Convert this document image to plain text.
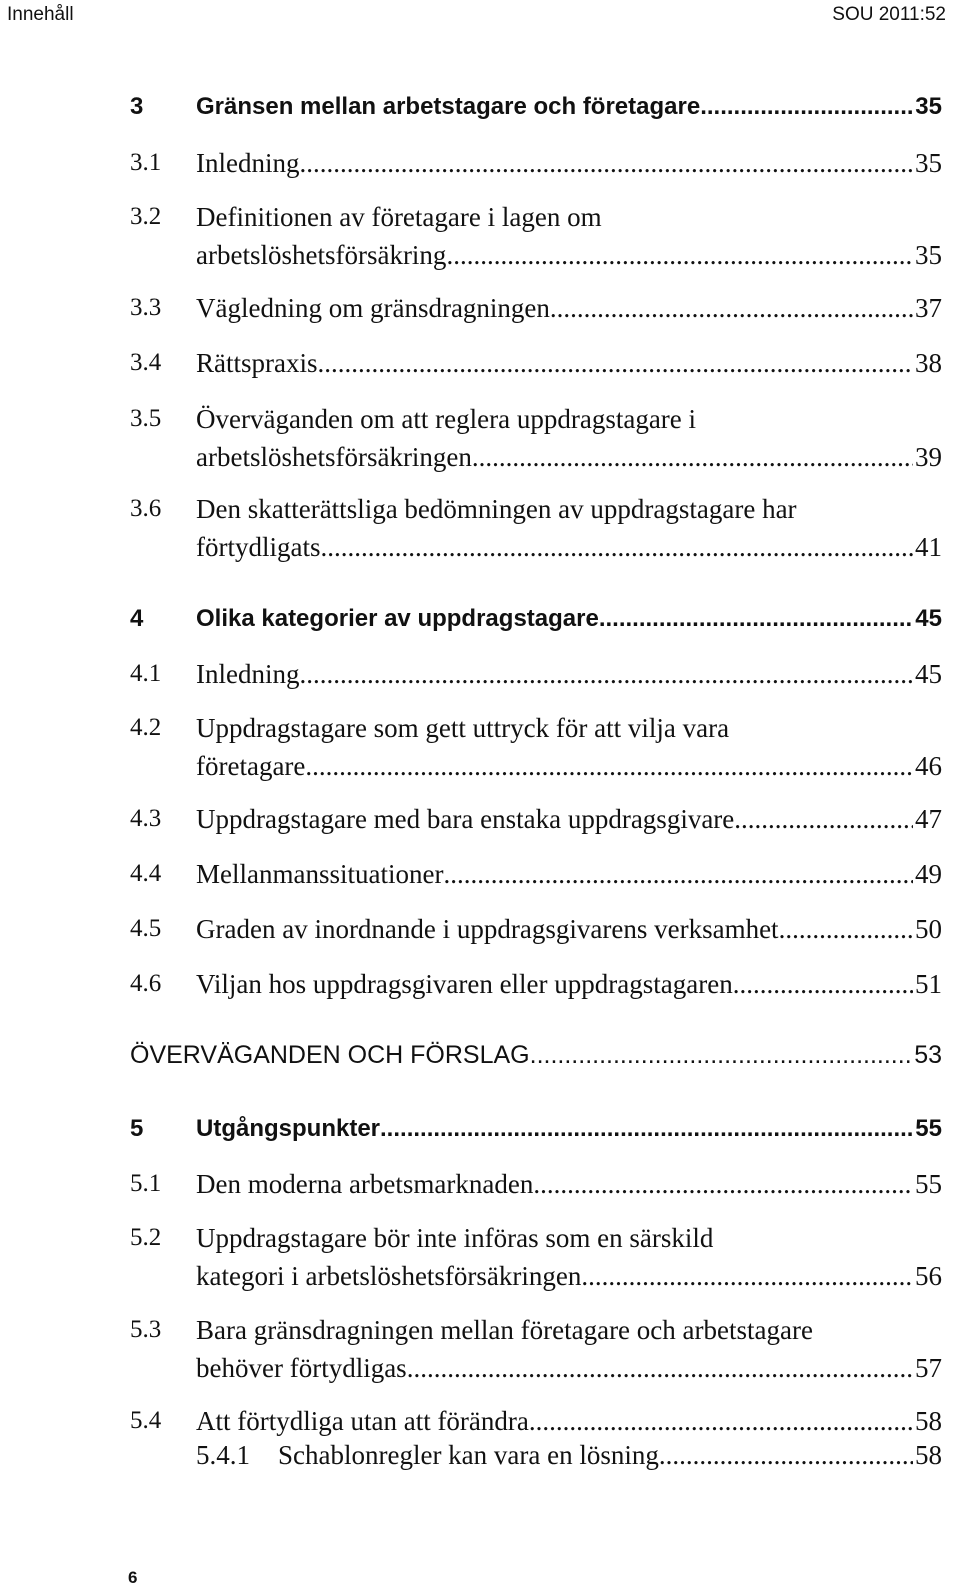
Innehåll	SOU 2011:52
3 Gränsen mellan arbetstagare och företagare .....	35
3.1 Inledning .....	35
3.2 Definitionen av företagare i lagen om
arbetslöshetsförsäkring .....	35
3.3 Vägledning om gränsdragningen .....	37
3.4 Rättspraxis .....	38
3.5 Överväganden om att reglera uppdragstagare i
arbetslöshetsförsäkringen .....	39
3.6 Den skatterättsliga bedömningen av uppdragstagare har
förtydligats .....	41
4 Olika kategorier av uppdragstagare .....	45
4.1 Inledning .....	45
4.2 Uppdragstagare som gett uttryck för att vilja vara
företagare .....	46
4.3 Uppdragstagare med bara enstaka uppdragsgivare .....	47
4.4 Mellanmanssituationer .....	49
4.5 Graden av inordnande i uppdragsgivarens verksamhet .....	50
4.6 Viljan hos uppdragsgivaren eller uppdragstagaren .....	51
ÖVERVÄGANDEN OCH FÖRSLAG .....	53
5 Utgångspunkter .....	55
5.1 Den moderna arbetsmarknaden .....	55
5.2 Uppdragstagare bör inte införas som en särskild
kategori i arbetslöshetsförsäkringen .....	56
5.3 Bara gränsdragningen mellan företagare och arbetstagare
behöver förtydligas .....	57
5.4 Att förtydliga utan att förändra .....	58
5.4.1 Schablonregler kan vara en lösning .....	58
6
